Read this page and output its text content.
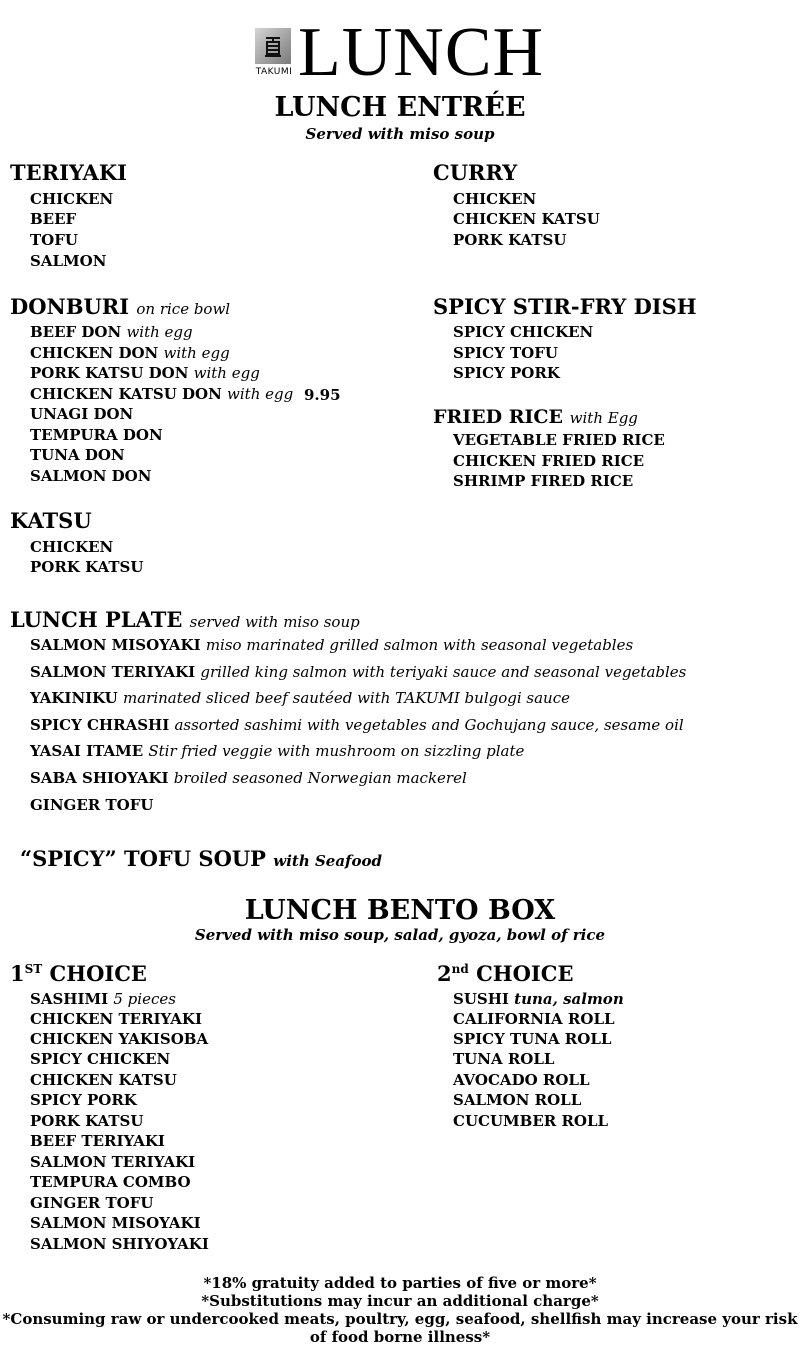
TAKUMI LUNCH
LUNCH ENTRÉE
Served with miso soup
TERIYAKI
CHICKEN
BEEF
TOFU
SALMON
CURRY
CHICKEN
CHICKEN KATSU
PORK KATSU
DONBURI on rice bowl
BEEF DON with egg
CHICKEN DON with egg
PORK KATSU DON with egg
CHICKEN KATSU DON with egg 9.95
UNAGI DON
TEMPURA DON
TUNA DON
SALMON DON
SPICY STIR-FRY DISH
SPICY CHICKEN
SPICY TOFU
SPICY PORK
FRIED RICE with Egg
VEGETABLE FRIED RICE
CHICKEN FRIED RICE
SHRIMP FIRED RICE
KATSU
CHICKEN
PORK KATSU
LUNCH PLATE served with miso soup
SALMON MISOYAKI miso marinated grilled salmon with seasonal vegetables
SALMON TERIYAKI grilled king salmon with teriyaki sauce and seasonal vegetables
YAKINIKU marinated sliced beef sautéed with TAKUMI bulgogi sauce
SPICY CHRASHI assorted sashimi with vegetables and Gochujang sauce, sesame oil
YASAI ITAME Stir fried veggie with mushroom on sizzling plate
SABA SHIOYAKI broiled seasoned Norwegian mackerel
GINGER TOFU
“SPICY” TOFU SOUP with Seafood
LUNCH BENTO BOX
Served with miso soup, salad, gyoza, bowl of rice
1ST CHOICE
SASHIMI 5 pieces
CHICKEN TERIYAKI
CHICKEN YAKISOBA
SPICY CHICKEN
CHICKEN KATSU
SPICY PORK
PORK KATSU
BEEF TERIYAKI
SALMON TERIYAKI
TEMPURA COMBO
GINGER TOFU
SALMON MISOYAKI
SALMON SHIYOYAKI
2nd CHOICE
SUSHI tuna, salmon
CALIFORNIA ROLL
SPICY TUNA ROLL
TUNA ROLL
AVOCADO ROLL
SALMON ROLL
CUCUMBER ROLL
*18% gratuity added to parties of five or more*
*Substitutions may incur an additional charge*
*Consuming raw or undercooked meats, poultry, egg, seafood, shellfish may increase your risk
of food borne illness*
